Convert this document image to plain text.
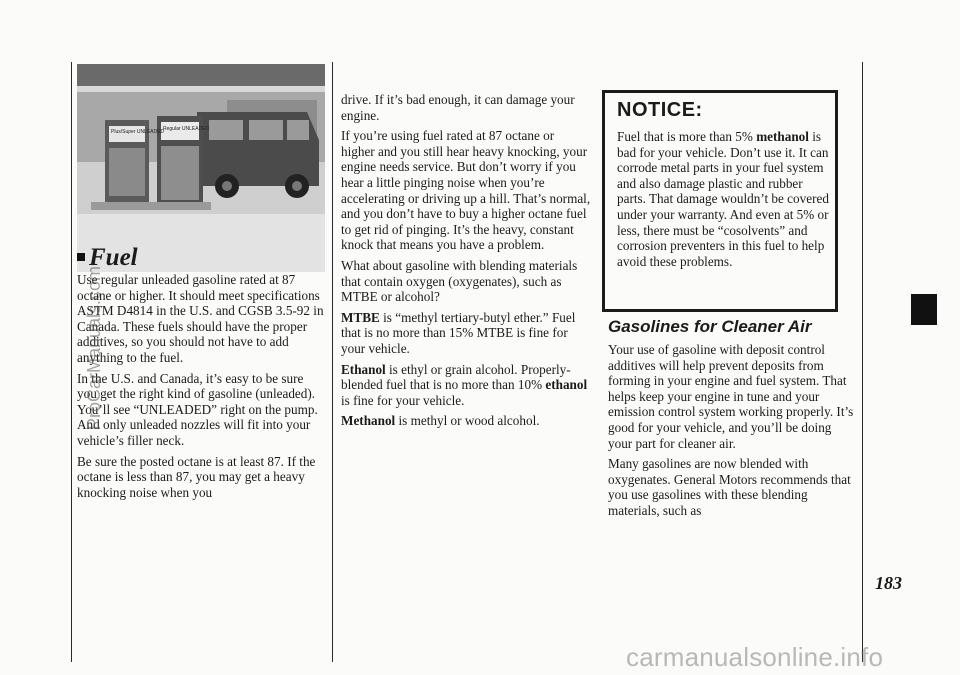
Plus/Super UNLEADED
Regular UNLEADED
Fuel

Use regular unleaded gasoline rated at 87 octane or higher. It should meet specifications ASTM D4814 in the U.S. and CGSB 3.5-92 in Canada. These fuels should have the proper additives, so you should not have to add anything to the fuel.

In the U.S. and Canada, it’s easy to be sure you get the right kind of gasoline (unleaded). You’ll see “UNLEADED” right on the pump. And only unleaded nozzles will fit into your vehicle’s filler neck.

Be sure the posted octane is at least 87. If the octane is less than 87, you may get a heavy knocking noise when you

drive. If it’s bad enough, it can damage your engine.

If you’re using fuel rated at 87 octane or higher and you still hear heavy knocking, your engine needs service. But don’t worry if you hear a little pinging noise when you’re accelerating or driving up a hill. That’s normal, and you don’t have to buy a higher octane fuel to get rid of pinging. It’s the heavy, constant knock that means you have a problem.

What about gasoline with blending materials that contain oxygen (oxygenates), such as MTBE or alcohol?

MTBE is “methyl tertiary-butyl ether.” Fuel that is no more than 15% MTBE is fine for your vehicle.

Ethanol is ethyl or grain alcohol. Properly-blended fuel that is no more than 10% ethanol is fine for your vehicle.

Methanol is methyl or wood alcohol.

NOTICE:
Fuel that is more than 5% methanol is bad for your vehicle. Don’t use it. It can corrode metal parts in your fuel system and also damage plastic and rubber parts. That damage wouldn’t be covered under your warranty. And even at 5% or less, there must be “cosolvents” and corrosion preventers in this fuel to help avoid these problems.
Gasolines for Cleaner Air

Your use of gasoline with deposit control additives will help prevent deposits from forming in your engine and fuel system. That helps keep your engine in tune and your emission control system working properly. It’s good for your vehicle, and you’ll be doing your part for cleaner air.

Many gasolines are now blended with oxygenates. General Motors recommends that you use gasolines with these blending materials, such as

183
ProCarManuals.com
carmanualsonline.info
